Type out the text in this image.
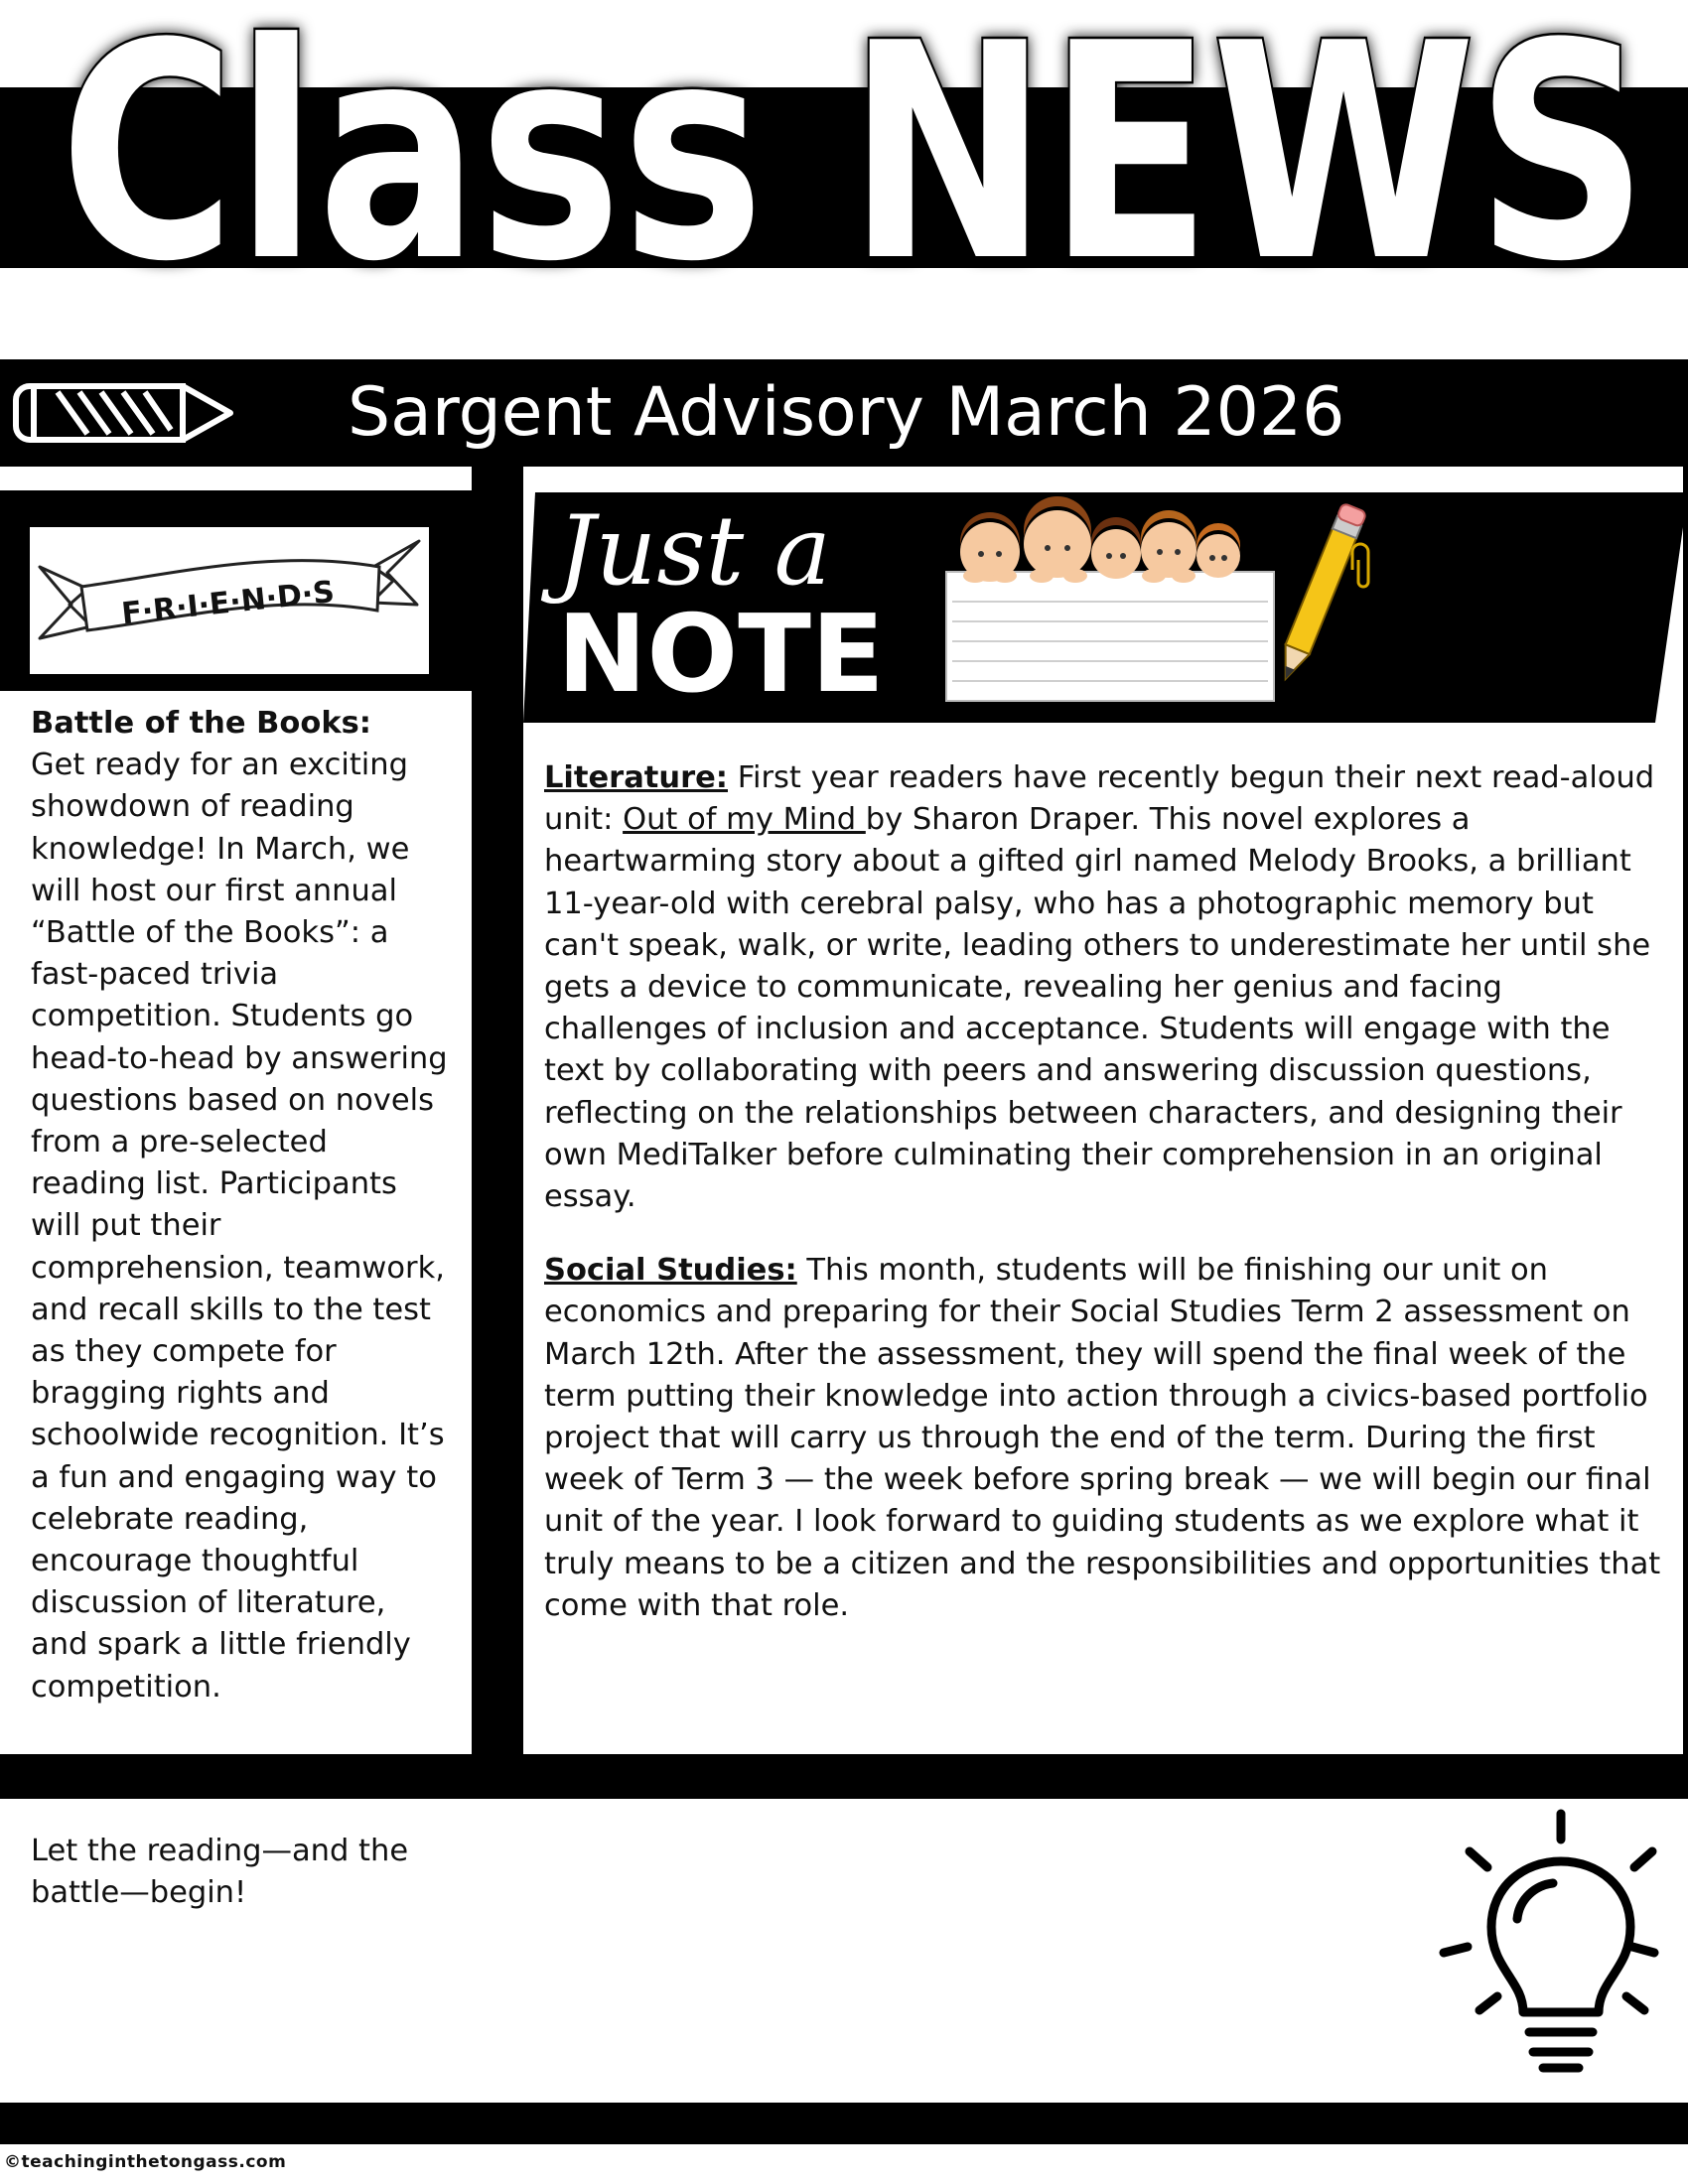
Class NEWS
Sargent Advisory March 2026
F·R·I·E·N·D·S
Battle of the Books:
Get ready for an exciting showdown of reading knowledge! In March, we will host our first annual “Battle of the Books”: a fast-paced trivia competition. Students go head-to-head by answering questions based on novels from a pre-selected reading list. Participants will put their comprehension, teamwork, and recall skills to the test as they compete for bragging rights and schoolwide recognition. It’s a fun and engaging way to celebrate reading, encourage thoughtful discussion of literature, and spark a little friendly competition.
Let the reading—and the battle—begin!
Just a
NOTE

Literature: First year readers have recently begun their next read-aloud unit: Out of my Mind by Sharon Draper. This novel explores a heartwarming story about a gifted girl named Melody Brooks, a brilliant 11-year-old with cerebral palsy, who has a photographic memory but can't speak, walk, or write, leading others to underestimate her until she gets a device to communicate, revealing her genius and facing challenges of inclusion and acceptance. Students will engage with the text by collaborating with peers and answering discussion questions, reflecting on the relationships between characters, and designing their own MediTalker before culminating their comprehension in an original essay.

Social Studies: This month, students will be finishing our unit on economics and preparing for their Social Studies Term 2 assessment on March 12th. After the assessment, they will spend the final week of the term putting their knowledge into action through a civics-based portfolio project that will carry us through the end of the term. During the first week of Term 3 — the week before spring break — we will begin our final unit of the year. I look forward to guiding students as we explore what it truly means to be a citizen and the responsibilities and opportunities that come with that role.

©teachinginthetongass.com
